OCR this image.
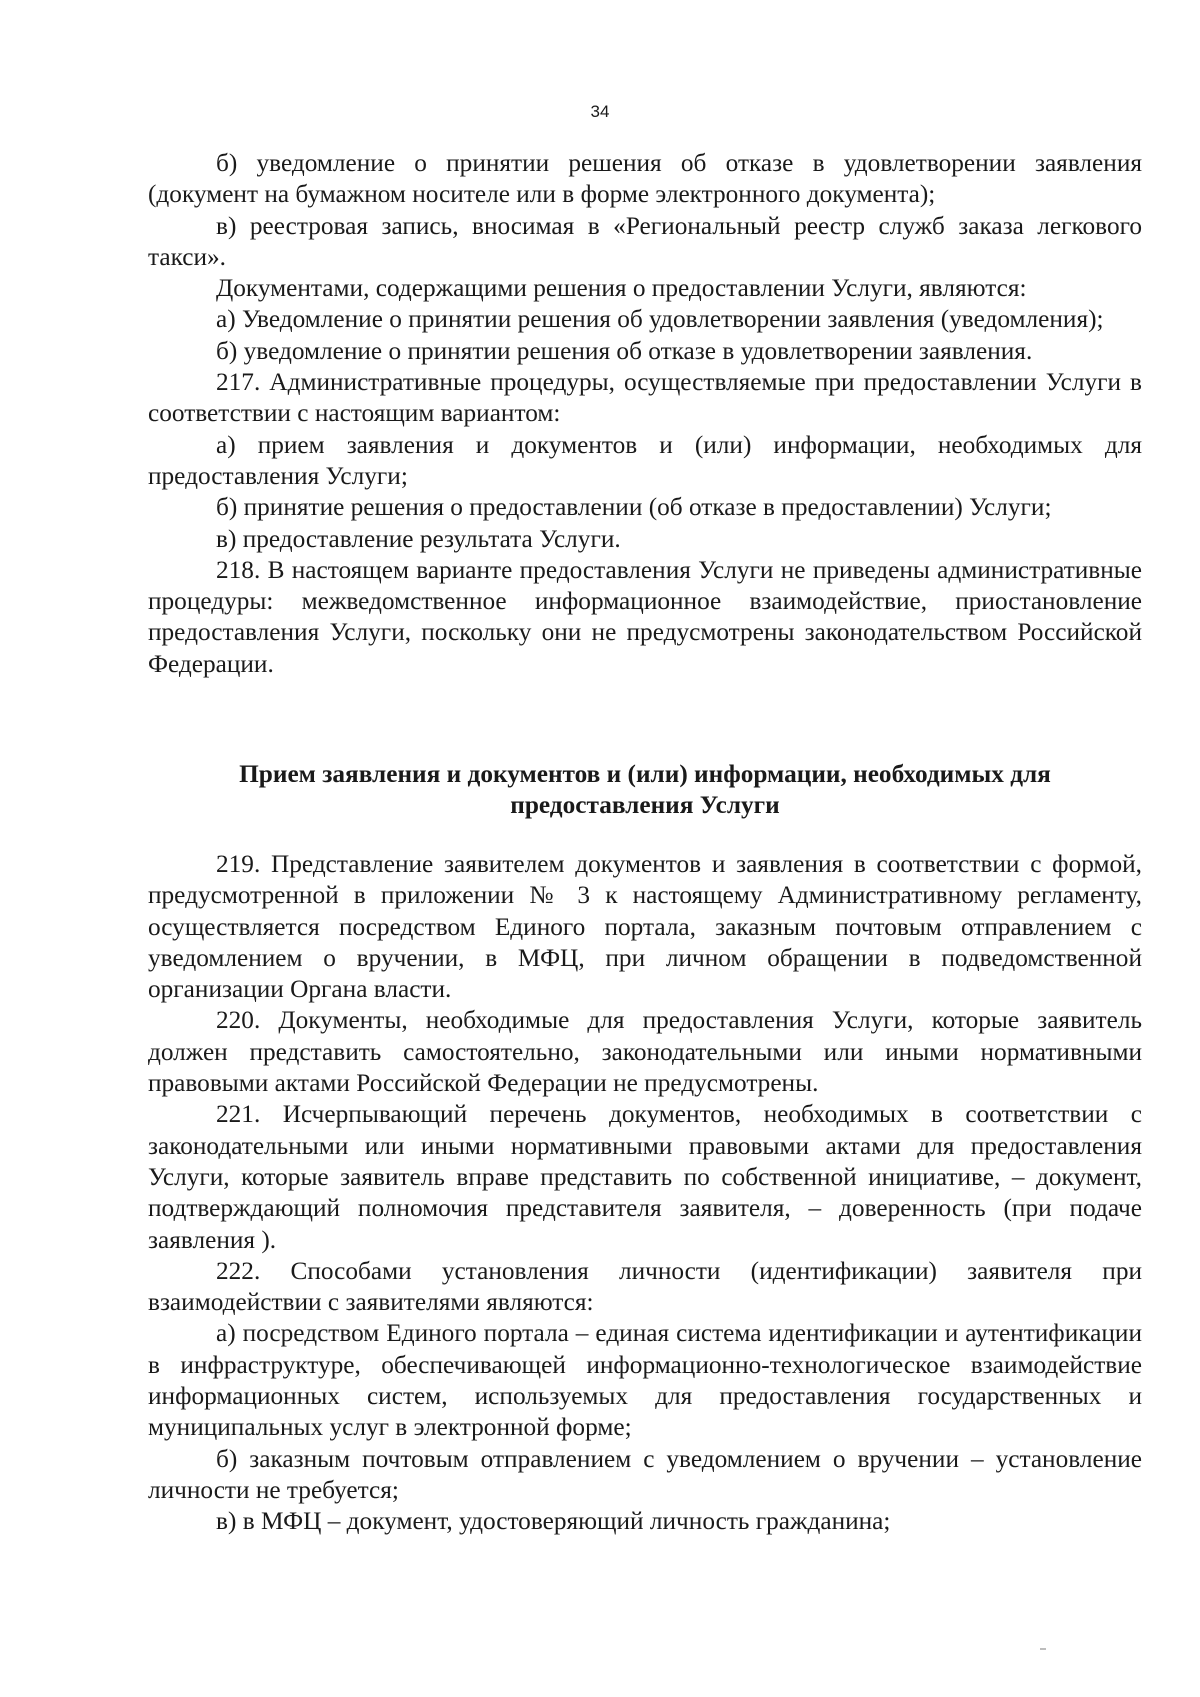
34

б) уведомление о принятии решения об отказе в удовлетворении заявления (документ на бумажном носителе или в форме электронного документа);

в) реестровая запись, вносимая в «Региональный реестр служб заказа легкового такси».

Документами, содержащими решения о предоставлении Услуги, являются:

а) Уведомление о принятии решения об удовлетворении заявления (уведомления);

б) уведомление о принятии решения об отказе в удовлетворении заявления.

217. Административные процедуры, осуществляемые при предоставлении Услуги в соответствии с настоящим вариантом:

а) прием заявления и документов и (или) информации, необходимых для предоставления Услуги;

б) принятие решения о предоставлении (об отказе в предоставлении) Услуги;

в) предоставление результата Услуги.

218. В настоящем варианте предоставления Услуги не приведены административные процедуры: межведомственное информационное взаимодействие, приостановление предоставления Услуги, поскольку они не предусмотрены законодательством Российской Федерации.

Прием заявления и документов и (или) информации, необходимых для

предоставления Услуги

219. Представление заявителем документов и заявления в соответствии с формой, предусмотренной в приложении № 3 к настоящему Административному регламенту, осуществляется посредством Единого портала, заказным почтовым отправлением с уведомлением о вручении, в МФЦ, при личном обращении в подведомственной организации Органа власти.

220. Документы, необходимые для предоставления Услуги, которые заявитель должен представить самостоятельно, законодательными или иными нормативными правовыми актами Российской Федерации не предусмотрены.

221. Исчерпывающий перечень документов, необходимых в соответствии с законодательными или иными нормативными правовыми актами для предоставления Услуги, которые заявитель вправе представить по собственной инициативе, – документ, подтверждающий полномочия представителя заявителя, – доверенность (при подаче заявления ).

222. Способами установления личности (идентификации) заявителя при взаимодействии с заявителями являются:

а) посредством Единого портала – единая система идентификации и аутентификации в инфраструктуре, обеспечивающей информационно-технологическое взаимодействие информационных систем, используемых для предоставления государственных и муниципальных услуг в электронной форме;

б) заказным почтовым отправлением с уведомлением о вручении – установление личности не требуется;

в) в МФЦ – документ, удостоверяющий личность гражданина;
